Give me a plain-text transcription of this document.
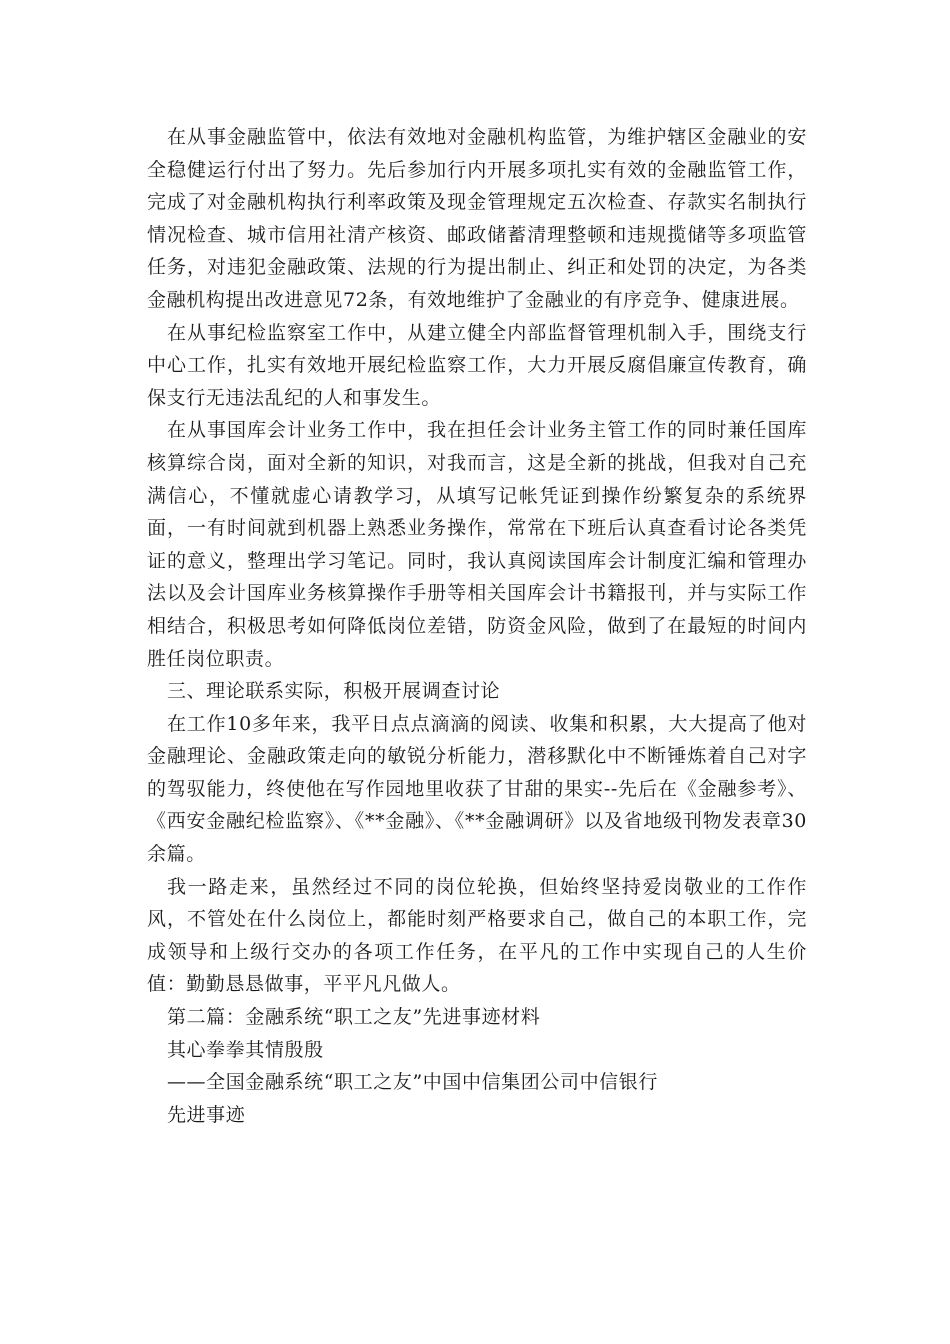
在从事金融监管中，依法有效地对金融机构监管，为维护辖区金融业的安全稳健运行付出了努力。先后参加行内开展多项扎实有效的金融监管工作，完成了对金融机构执行利率政策及现金管理规定五次检查、存款实名制执行情况检查、城市信用社清产核资、邮政储蓄清理整顿和违规揽储等多项监管任务，对违犯金融政策、法规的行为提出制止、纠正和处罚的决定，为各类金融机构提出改进意见72条，有效地维护了金融业的有序竞争、健康进展。

在从事纪检监察室工作中，从建立健全内部监督管理机制入手，围绕支行中心工作，扎实有效地开展纪检监察工作，大力开展反腐倡廉宣传教育，确保支行无违法乱纪的人和事发生。

在从事国库会计业务工作中，我在担任会计业务主管工作的同时兼任国库核算综合岗，面对全新的知识，对我而言，这是全新的挑战，但我对自己充满信心，不懂就虚心请教学习，从填写记帐凭证到操作纷繁复杂的系统界面，一有时间就到机器上熟悉业务操作，常常在下班后认真查看讨论各类凭证的意义，整理出学习笔记。同时，我认真阅读国库会计制度汇编和管理办法以及会计国库业务核算操作手册等相关国库会计书籍报刊，并与实际工作相结合，积极思考如何降低岗位差错，防资金风险，做到了在最短的时间内胜任岗位职责。

三、理论联系实际，积极开展调查讨论

在工作10多年来，我平日点点滴滴的阅读、收集和积累，大大提高了他对金融理论、金融政策走向的敏锐分析能力，潜移默化中不断锤炼着自己对字的驾驭能力，终使他在写作园地里收获了甘甜的果实--先后在《金融参考》、《西安金融纪检监察》、《**金融》、《**金融调研》以及省地级刊物发表章30余篇。

我一路走来，虽然经过不同的岗位轮换，但始终坚持爱岗敬业的工作作风，不管处在什么岗位上，都能时刻严格要求自己，做自己的本职工作，完成领导和上级行交办的各项工作任务，在平凡的工作中实现自己的人生价值：勤勤恳恳做事，平平凡凡做人。

第二篇：金融系统“职工之友”先进事迹材料

其心拳拳其情殷殷

——全国金融系统“职工之友”中国中信集团公司中信银行

先进事迹
